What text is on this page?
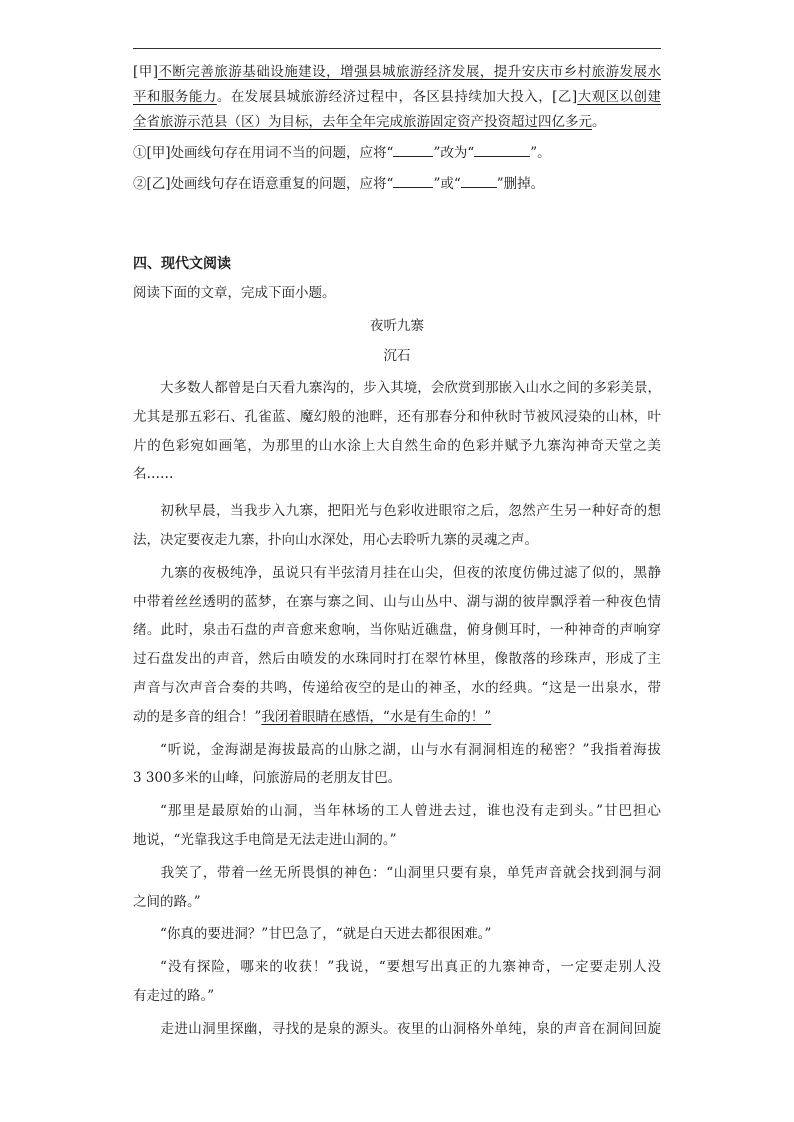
[甲]不断完善旅游基础设施建设，增强县城旅游经济发展，提升安庆市乡村旅游发展水
平和服务能力。在发展县城旅游经济过程中，各区县持续加大投入，[乙]大观区以创建
全省旅游示范县（区）为目标，去年全年完成旅游固定资产投资超过四亿多元。
①[甲]处画线句存在用词不当的问题，应将“	”改为“	”。
②[乙]处画线句存在语意重复的问题，应将“	”或“	”删掉。
四、现代文阅读
阅读下面的文章，完成下面小题。
夜听九寨
沉石
大多数人都曾是白天看九寨沟的，步入其境，会欣赏到那嵌入山水之间的多彩美景，
尤其是那五彩石、孔雀蓝、魔幻般的池畔，还有那春分和仲秋时节被风浸染的山林，叶
片的色彩宛如画笔，为那里的山水涂上大自然生命的色彩并赋予九寨沟神奇天堂之美
名……
初秋早晨，当我步入九寨，把阳光与色彩收进眼帘之后，忽然产生另一种好奇的想
法，决定要夜走九寨，扑向山水深处，用心去聆听九寨的灵魂之声。
九寨的夜极纯净，虽说只有半弦清月挂在山尖，但夜的浓度仿佛过滤了似的，黑静
中带着丝丝透明的蓝梦，在寨与寨之间、山与山丛中、湖与湖的彼岸飘浮着一种夜色情
绪。此时，泉击石盘的声音愈来愈响，当你贴近礁盘，俯身侧耳时，一种神奇的声响穿
过石盘发出的声音，然后由喷发的水珠同时打在翠竹林里，像散落的珍珠声，形成了主
声音与次声音合奏的共鸣，传递给夜空的是山的神圣，水的经典。“这是一出泉水，带
动的是多音的组合！”我闭着眼睛在感悟，“水是有生命的！”
“听说，金海湖是海拔最高的山脉之湖，山与水有洞洞相连的秘密？”我指着海拔
3 300多米的山峰，问旅游局的老朋友甘巴。
“那里是最原始的山洞，当年林场的工人曾进去过，谁也没有走到头。”甘巴担心
地说，“光靠我这手电筒是无法走进山洞的。”
我笑了，带着一丝无所畏惧的神色：“山洞里只要有泉，单凭声音就会找到洞与洞
之间的路。”
“你真的要进洞？”甘巴急了，“就是白天进去都很困难。”
“没有探险，哪来的收获！”我说，“要想写出真正的九寨神奇，一定要走别人没
有走过的路。”
走进山洞里探幽，寻找的是泉的源头。夜里的山洞格外单纯，泉的声音在洞间回旋
